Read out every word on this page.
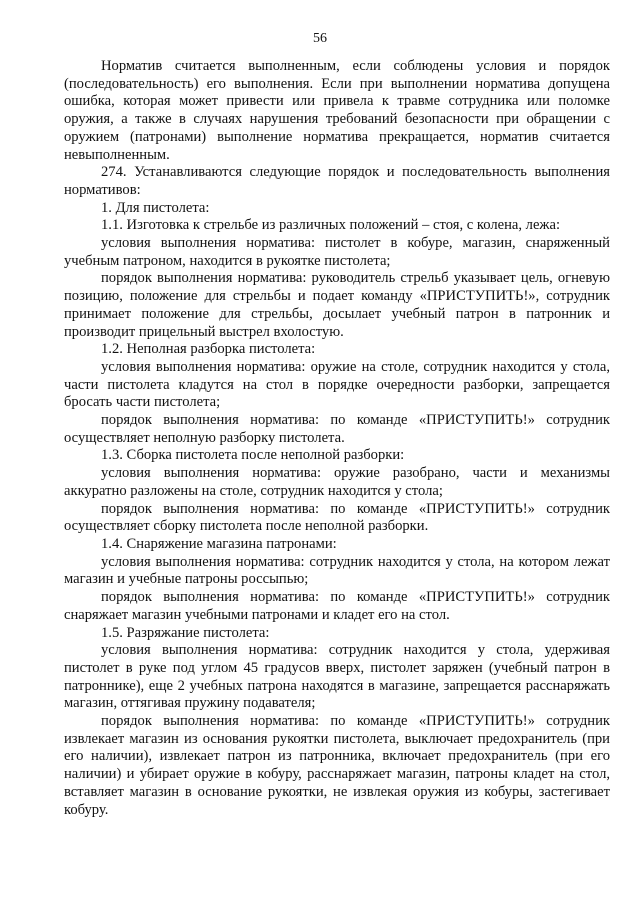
56

Норматив считается выполненным, если соблюдены условия и порядок (последовательность) его выполнения. Если при выполнении норматива допущена ошибка, которая может привести или привела к травме сотрудника или поломке оружия, а также в случаях нарушения требований безопасности при обращении с оружием (патронами) выполнение норматива прекращается, норматив считается невыполненным.

274. Устанавливаются следующие порядок и последовательность выполнения нормативов:

1. Для пистолета:

1.1. Изготовка к стрельбе из различных положений – стоя, с колена, лежа:

условия выполнения норматива: пистолет в кобуре, магазин, снаряженный учебным патроном, находится в рукоятке пистолета;

порядок выполнения норматива: руководитель стрельб указывает цель, огневую позицию, положение для стрельбы и подает команду «ПРИСТУПИТЬ!», сотрудник принимает положение для стрельбы, досылает учебный патрон в патронник и производит прицельный выстрел вхолостую.

1.2. Неполная разборка пистолета:

условия выполнения норматива: оружие на столе, сотрудник находится у стола, части пистолета кладутся на стол в порядке очередности разборки, запрещается бросать части пистолета;

порядок выполнения норматива: по команде «ПРИСТУПИТЬ!» сотрудник осуществляет неполную разборку пистолета.

1.3. Сборка пистолета после неполной разборки:

условия выполнения норматива: оружие разобрано, части и механизмы аккуратно разложены на столе, сотрудник находится у стола;

порядок выполнения норматива: по команде «ПРИСТУПИТЬ!» сотрудник осуществляет сборку пистолета после неполной разборки.

1.4. Снаряжение магазина патронами:

условия выполнения норматива: сотрудник находится у стола, на котором лежат магазин и учебные патроны россыпью;

порядок выполнения норматива: по команде «ПРИСТУПИТЬ!» сотрудник снаряжает магазин учебными патронами и кладет его на стол.

1.5. Разряжание пистолета:

условия выполнения норматива: сотрудник находится у стола, удерживая пистолет в руке под углом 45 градусов вверх, пистолет заряжен (учебный патрон в патроннике), еще 2 учебных патрона находятся в магазине, запрещается расснаряжать магазин, оттягивая пружину подавателя;

порядок выполнения норматива: по команде «ПРИСТУПИТЬ!» сотрудник извлекает магазин из основания рукоятки пистолета, выключает предохранитель (при его наличии), извлекает патрон из патронника, включает предохранитель (при его наличии) и убирает оружие в кобуру, расснаряжает магазин, патроны кладет на стол, вставляет магазин в основание рукоятки, не извлекая оружия из кобуры, застегивает кобуру.
